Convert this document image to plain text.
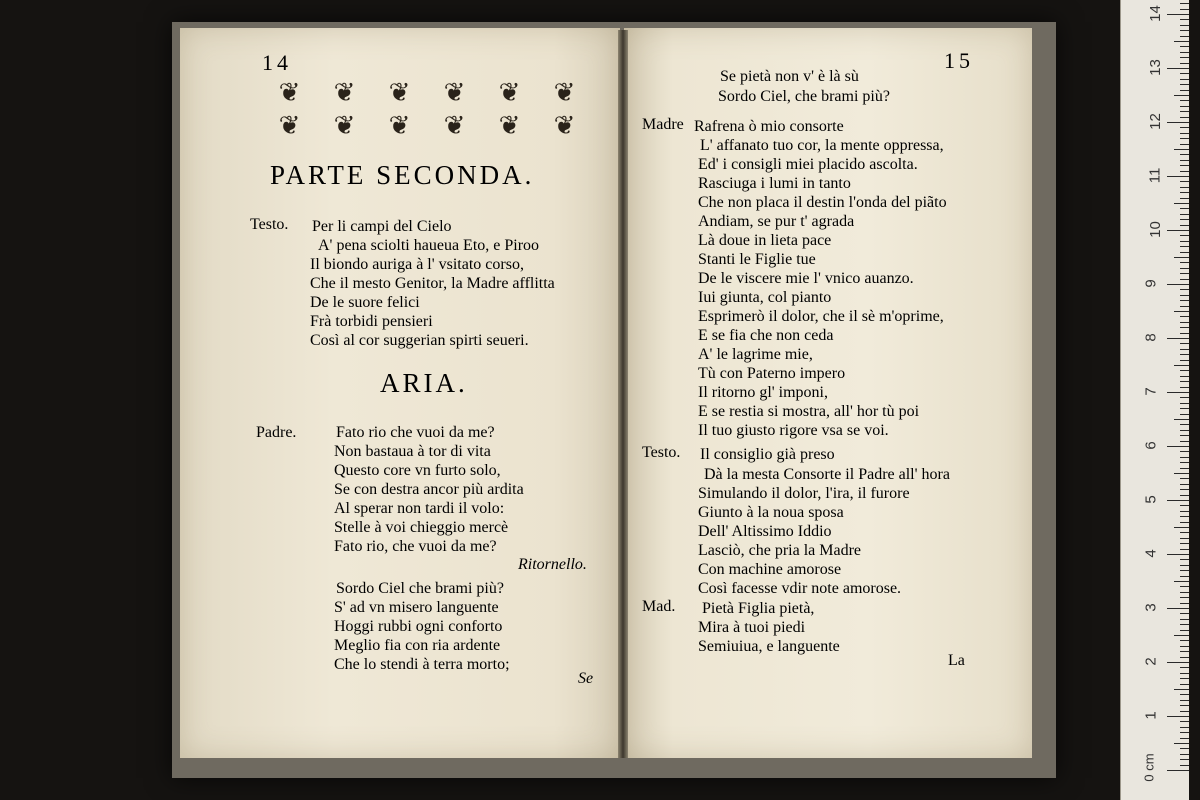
14
❦	❦	❦	❦	❦	❦
❦	❦	❦	❦	❦	❦
PARTE SECONDA.
Testo. Per li campi del Cielo
A' pena sciolti haueua Eto, e Piroo
Il biondo auriga à l' vsitato corso,
Che il mesto Genitor, la Madre afflitta
De le suore felici
Frà torbidi pensieri
Così al cor suggerian spirti seueri.
ARIA.
Padre. Fato rio che vuoi da me?
Non bastaua à tor di vita
Questo core vn furto solo,
Se con destra ancor più ardita
Al sperar non tardi il volo:
Stelle à voi chieggio mercè
Fato rio, che vuoi da me?
Ritornello.
Sordo Ciel che brami più?
S' ad vn misero languente
Hoggi rubbi ogni conforto
Meglio fia con ria ardente
Che lo stendi à terra morto;
Se
15
Se pietà non v' è là sù
Sordo Ciel, che brami più?
Madre Rafrena ò mio consorte
L' affanato tuo cor, la mente oppressa,
Ed' i consigli miei placido ascolta.
Rasciuga i lumi in tanto
Che non placa il destin l'onda del piãto
Andiam, se pur t' agrada
Là doue in lieta pace
Stanti le Figlie tue
De le viscere mie l' vnico auanzo.
Iui giunta, col pianto
Esprimerò il dolor, che il sè m'oprime,
E se fia che non ceda
A' le lagrime mie,
Tù con Paterno impero
Il ritorno gl' imponi,
E se restia si mostra, all' hor tù poi
Il tuo giusto rigore vsa se voi.
Testo. Il consiglio già preso
Dà la mesta Consorte il Padre all' hora
Simulando il dolor, l'ira, il furore
Giunto à la noua sposa
Dell' Altissimo Iddio
Lasciò, che pria la Madre
Con machine amorose
Così facesse vdir note amorose.
Mad. Pietà Figlia pietà,
Mira à tuoi piedi
Semiuiua, e languente
La
0 cm
1
2
3
4
5
6
7
8
9
10
11
12
13
14
